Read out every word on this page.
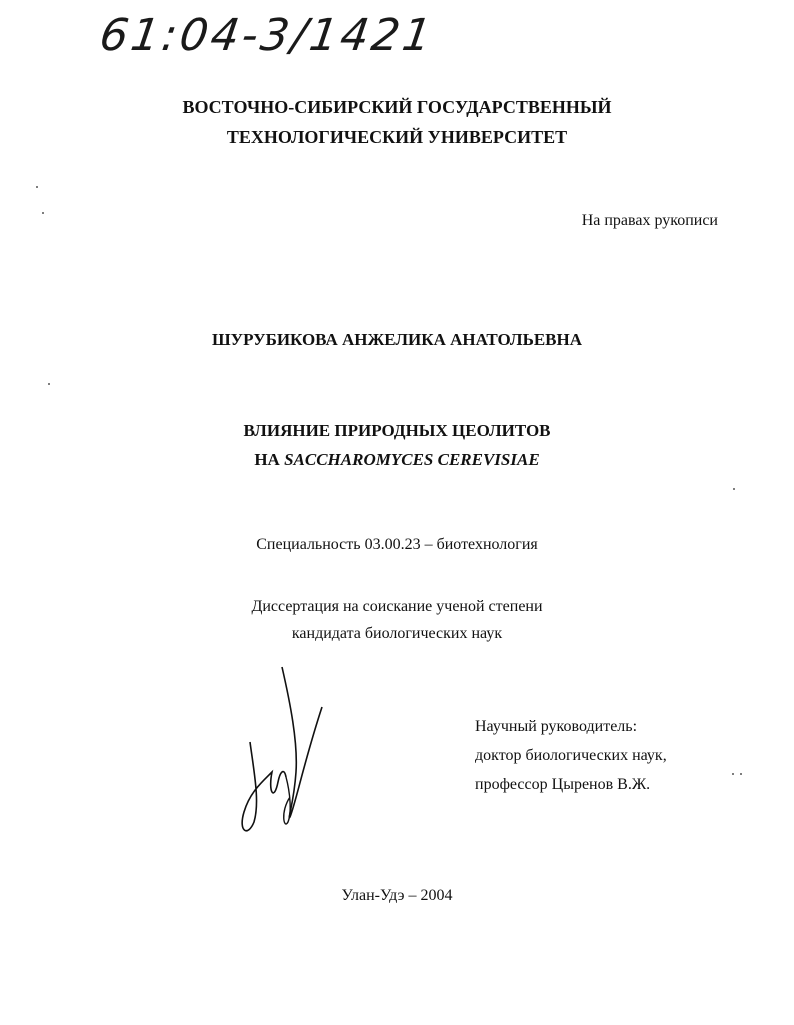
61:04-3/1421
ВОСТОЧНО-СИБИРСКИЙ ГОСУДАРСТВЕННЫЙ
ТЕХНОЛОГИЧЕСКИЙ УНИВЕРСИТЕТ
На правах рукописи
ШУРУБИКОВА АНЖЕЛИКА АНАТОЛЬЕВНА
ВЛИЯНИЕ ПРИРОДНЫХ ЦЕОЛИТОВ
НА SACCHAROMYCES CEREVISIAE
Специальность 03.00.23 – биотехнология
Диссертация на соискание ученой степени
кандидата биологических наук
Научный руководитель:
доктор биологических наук,
профессор Цыренов В.Ж.
Улан-Удэ – 2004
